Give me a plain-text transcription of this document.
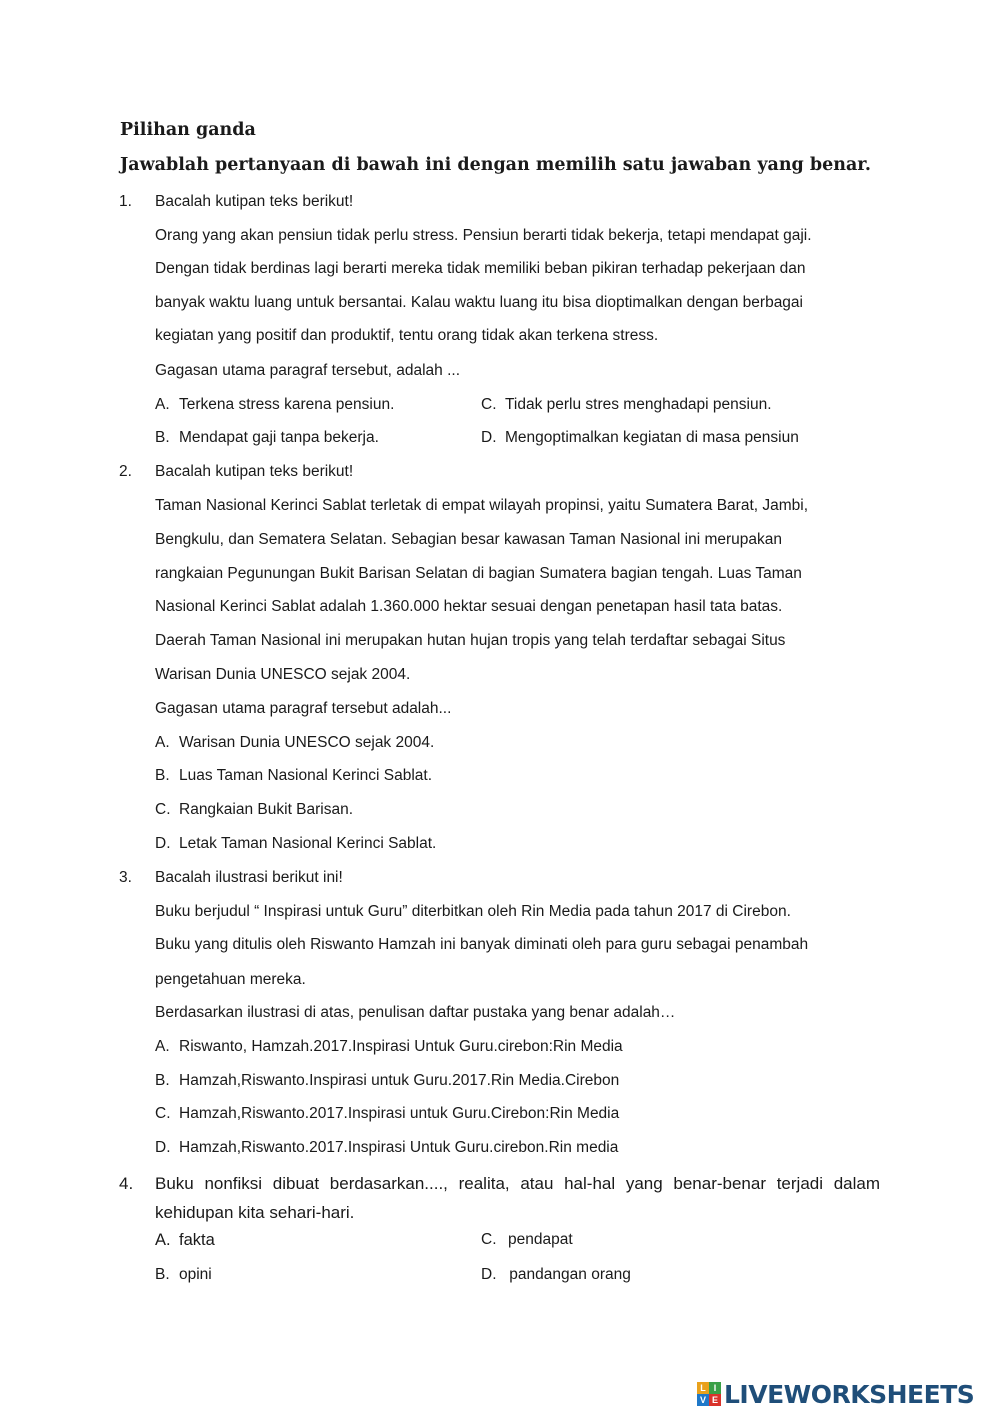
Pilihan ganda
Jawablah pertanyaan di bawah ini dengan memilih satu jawaban yang benar.
1. Bacalah kutipan teks berikut!
Orang yang akan pensiun tidak perlu stress. Pensiun berarti tidak bekerja, tetapi mendapat gaji.
Dengan tidak berdinas lagi berarti mereka tidak memiliki beban pikiran terhadap pekerjaan dan
banyak waktu luang untuk bersantai. Kalau waktu luang itu bisa dioptimalkan dengan berbagai
kegiatan yang positif dan produktif, tentu orang tidak akan terkena stress.
Gagasan utama paragraf tersebut, adalah ...
A. Terkena stress karena pensiun.	C. Tidak perlu stres menghadapi pensiun.
B. Mendapat gaji tanpa bekerja.	D. Mengoptimalkan kegiatan di masa pensiun
2. Bacalah kutipan teks berikut!
Taman Nasional Kerinci Sablat terletak di empat wilayah propinsi, yaitu Sumatera Barat, Jambi,
Bengkulu, dan Sematera Selatan. Sebagian besar kawasan Taman Nasional ini merupakan
rangkaian Pegunungan Bukit Barisan Selatan di bagian Sumatera bagian tengah. Luas Taman
Nasional Kerinci Sablat adalah 1.360.000 hektar sesuai dengan penetapan hasil tata batas.
Daerah Taman Nasional ini merupakan hutan hujan tropis yang telah terdaftar sebagai Situs
Warisan Dunia UNESCO sejak 2004.
Gagasan utama paragraf tersebut adalah...
A. Warisan Dunia UNESCO sejak 2004.
B. Luas Taman Nasional Kerinci Sablat.
C. Rangkaian Bukit Barisan.
D. Letak Taman Nasional Kerinci Sablat.
3. Bacalah ilustrasi berikut ini!
Buku berjudul “ Inspirasi untuk Guru” diterbitkan oleh Rin Media pada tahun 2017 di Cirebon.
Buku yang ditulis oleh Riswanto Hamzah ini banyak diminati oleh para guru sebagai penambah
pengetahuan mereka.
Berdasarkan ilustrasi di atas, penulisan daftar pustaka yang benar adalah…
A. Riswanto, Hamzah.2017.Inspirasi Untuk Guru.cirebon:Rin Media
B. Hamzah,Riswanto.Inspirasi untuk Guru.2017.Rin Media.Cirebon
C. Hamzah,Riswanto.2017.Inspirasi untuk Guru.Cirebon:Rin Media
D. Hamzah,Riswanto.2017.Inspirasi Untuk Guru.cirebon.Rin media
4. Buku nonfiksi dibuat berdasarkan...., realita, atau hal-hal yang benar-benar terjadi dalam kehidupan kita sehari-hari.
A. fakta	C. pendapat
B. opini	D. pandangan orang
L I
V E LIVEWORKSHEETS
